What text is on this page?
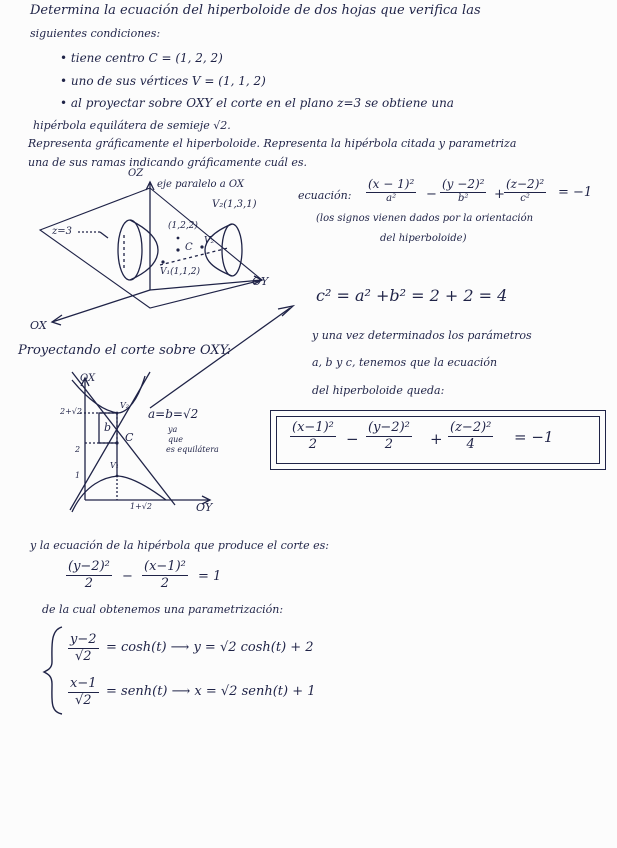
Determina la ecuación del hiperboloide de dos hojas que verifica las
siguientes condiciones:
• tiene centro C = (1, 2, 2)
• uno de sus vértices V = (1, 1, 2)
• al proyectar sobre OXY el corte en el plano z=3 se obtiene una
hipérbola equilátera de semieje √2.
Representa gráficamente el hiperboloide. Representa la hipérbola citada y parametriza
una de sus ramas indicando gráficamente cuál es.
OZ
eje paralelo a OX
V₂(1,3,1)
z=3	(1,2,2)
C
V₂
V₁(1,1,2)
OY
OX
ecuación:
(x − 1)²
a² −
(y −2)²
b² +
(z−2)²
c² = −1
(los signos vienen dados por la orientación
del hiperboloide)
c² = a² +b² = 2 + 2 = 4
y una vez determinados los parámetros
a, b y c, tenemos que la ecuación
del hiperboloide queda:
$\frac{\text{(x−1)²}}{2} - \frac{\text{(y−2)²}}{2} + \frac{\text{(z−2)²}}{4} = -1$
Proyectando el corte sobre OXY:
OX
OY
V₂
b
C
V₁
2+√2
2
1
1+√2
a=b=√2
ya
que
es equilátera
y la ecuación de la hipérbola que produce el corte es:
$\frac{\text{(y−2)²}}{2} - \frac{\text{(x−1)²}}{2} = 1$
de la cual obtenemos una parametrización:
$\frac{y-2}{√2} = \cosh(t)$ ⟶ y = √2 cosh(t) + 2
$\frac{x-1}{√2}$ = senh(t) ⟶ x = √2 senh(t) + 1
